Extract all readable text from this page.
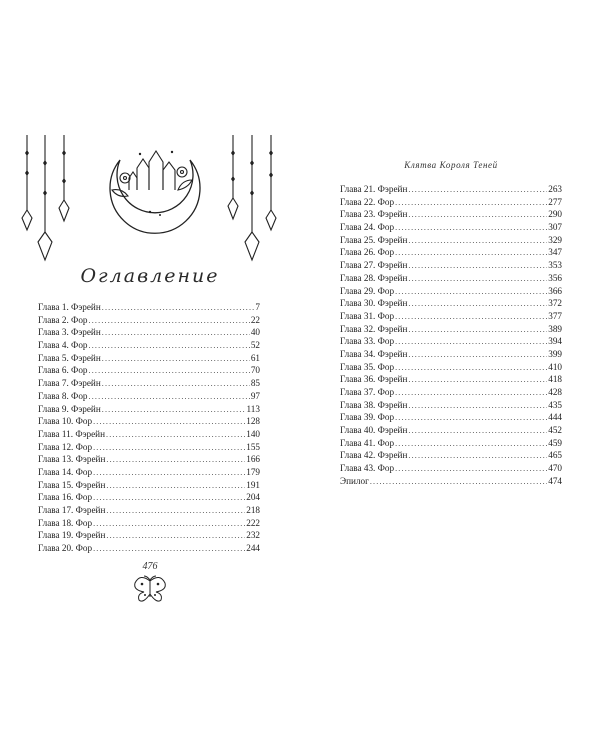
Оглавление
Глава 1. Фэрейн .....	7
Глава 2. Фор .....	22
Глава 3. Фэрейн .....	40
Глава 4. Фор .....	52
Глава 5. Фэрейн .....	61
Глава 6. Фор .....	70
Глава 7. Фэрейн .....	85
Глава 8. Фор .....	97
Глава 9. Фэрейн .....	113
Глава 10. Фор .....	128
Глава 11. Фэрейн .....	140
Глава 12. Фор .....	155
Глава 13. Фэрейн .....	166
Глава 14. Фор .....	179
Глава 15. Фэрейн .....	191
Глава 16. Фор .....	204
Глава 17. Фэрейн .....	218
Глава 18. Фор .....	222
Глава 19. Фэрейн .....	232
Глава 20. Фор .....	244
476
Клятва Короля Теней
Глава 21. Фэрейн .....	263
Глава 22. Фор .....	277
Глава 23. Фэрейн .....	290
Глава 24. Фор .....	307
Глава 25. Фэрейн .....	329
Глава 26. Фор .....	347
Глава 27. Фэрейн .....	353
Глава 28. Фэрейн .....	356
Глава 29. Фор .....	366
Глава 30. Фэрейн .....	372
Глава 31. Фор .....	377
Глава 32. Фэрейн .....	389
Глава 33. Фор .....	394
Глава 34. Фэрейн .....	399
Глава 35. Фор .....	410
Глава 36. Фэрейн .....	418
Глава 37. Фор .....	428
Глава 38. Фэрейн .....	435
Глава 39. Фор .....	444
Глава 40. Фэрейн .....	452
Глава 41. Фор .....	459
Глава 42. Фэрейн .....	465
Глава 43. Фор .....	470
Эпилог .....	474
